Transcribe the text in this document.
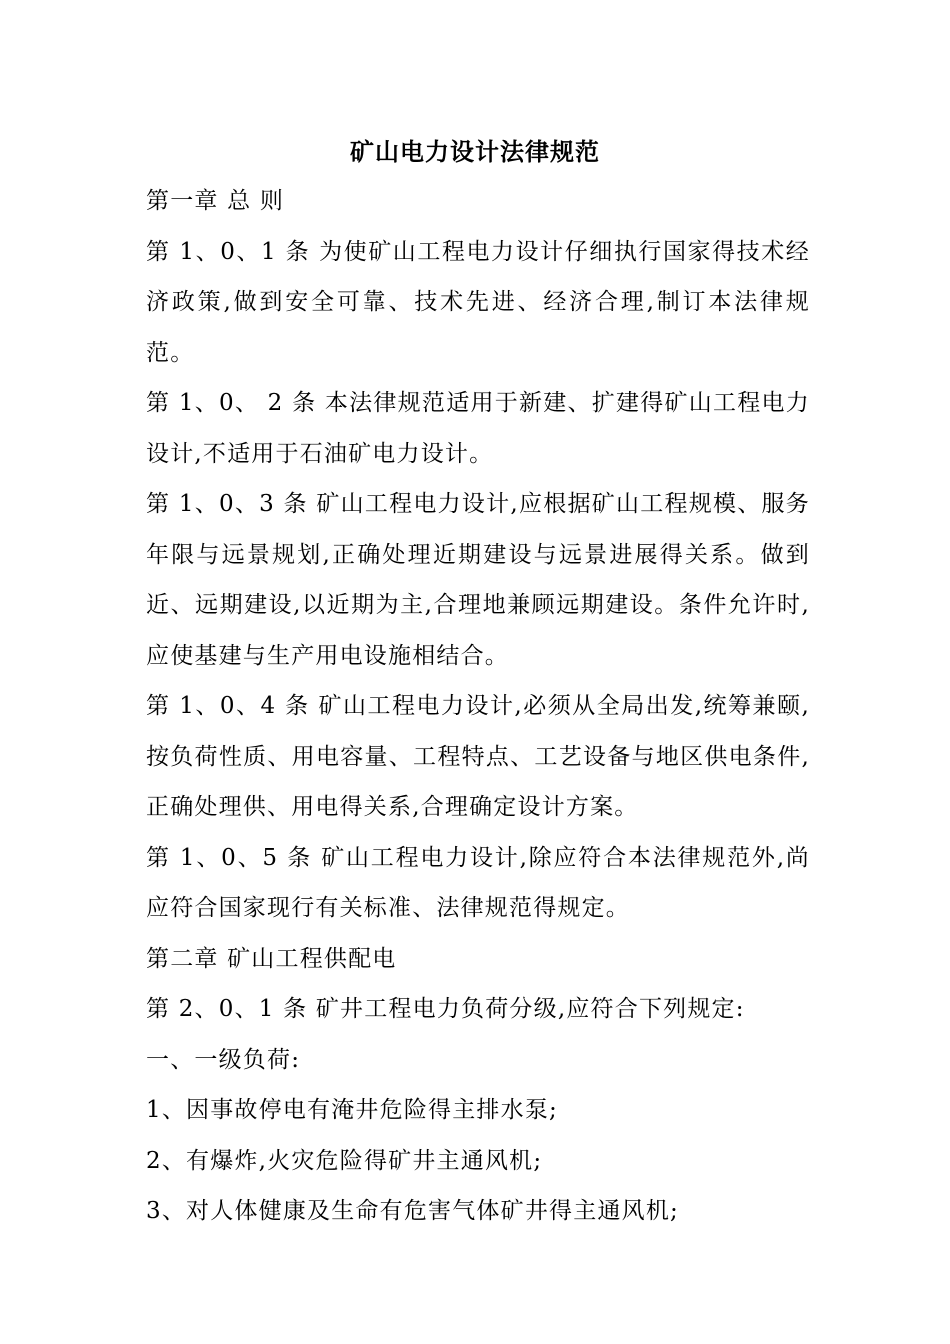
矿山电力设计法律规范

第一章 总 则

第 1、0、1 条 为使矿山工程电力设计仔细执行国家得技术经济政策,做到安全可靠、技术先进、经济合理,制订本法律规范。

第 1、0、 2 条 本法律规范适用于新建、扩建得矿山工程电力设计,不适用于石油矿电力设计。

第 1、0、3 条 矿山工程电力设计,应根据矿山工程规模、服务年限与远景规划,正确处理近期建设与远景进展得关系。做到近、远期建设,以近期为主,合理地兼顾远期建设。条件允许时,应使基建与生产用电设施相结合。

第 1、0、4 条 矿山工程电力设计,必须从全局出发,统筹兼颐,按负荷性质、用电容量、工程特点、工艺设备与地区供电条件,正确处理供、用电得关系,合理确定设计方案。

第 1、0、5 条 矿山工程电力设计,除应符合本法律规范外,尚应符合国家现行有关标准、法律规范得规定。

第二章 矿山工程供配电

第 2、0、1 条 矿井工程电力负荷分级,应符合下列规定:

一、一级负荷:

1、因事故停电有淹井危险得主排水泵;

2、有爆炸,火灾危险得矿井主通风机;

3、对人体健康及生命有危害气体矿井得主通风机;
